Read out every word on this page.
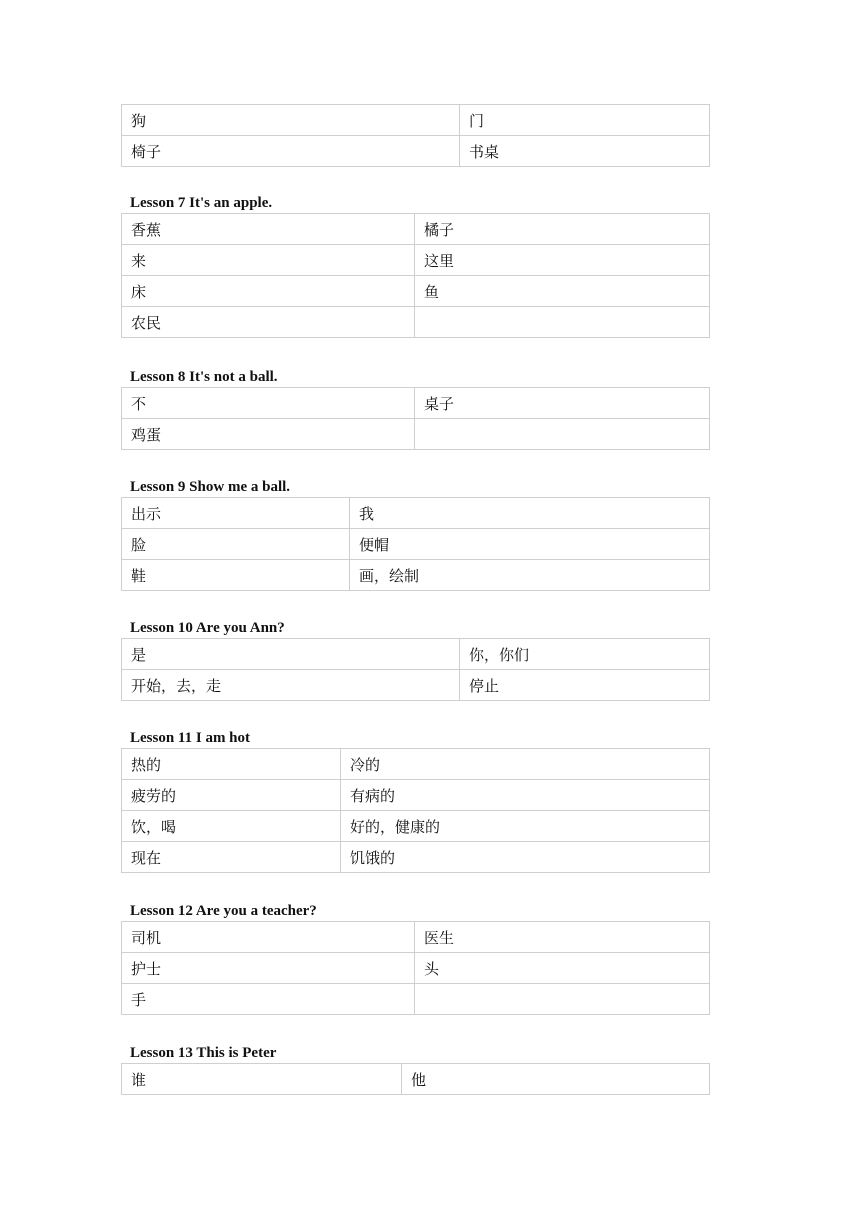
狗	门
椅子	书桌
Lesson 7 It's an apple.
香蕉	橘子
来	这里
床	鱼
农民	
Lesson 8 It's not a ball.
不	桌子
鸡蛋	
Lesson 9 Show me a ball.
出示	我
脸	便帽
鞋	画，绘制
Lesson 10 Are you Ann?
是	你，你们
开始，去，走	停止
Lesson 11 I am hot
热的	冷的
疲劳的	有病的
饮，喝	好的，健康的
现在	饥饿的
Lesson 12 Are you a teacher?
司机	医生
护士	头
手	
Lesson 13 This is Peter
谁	他
